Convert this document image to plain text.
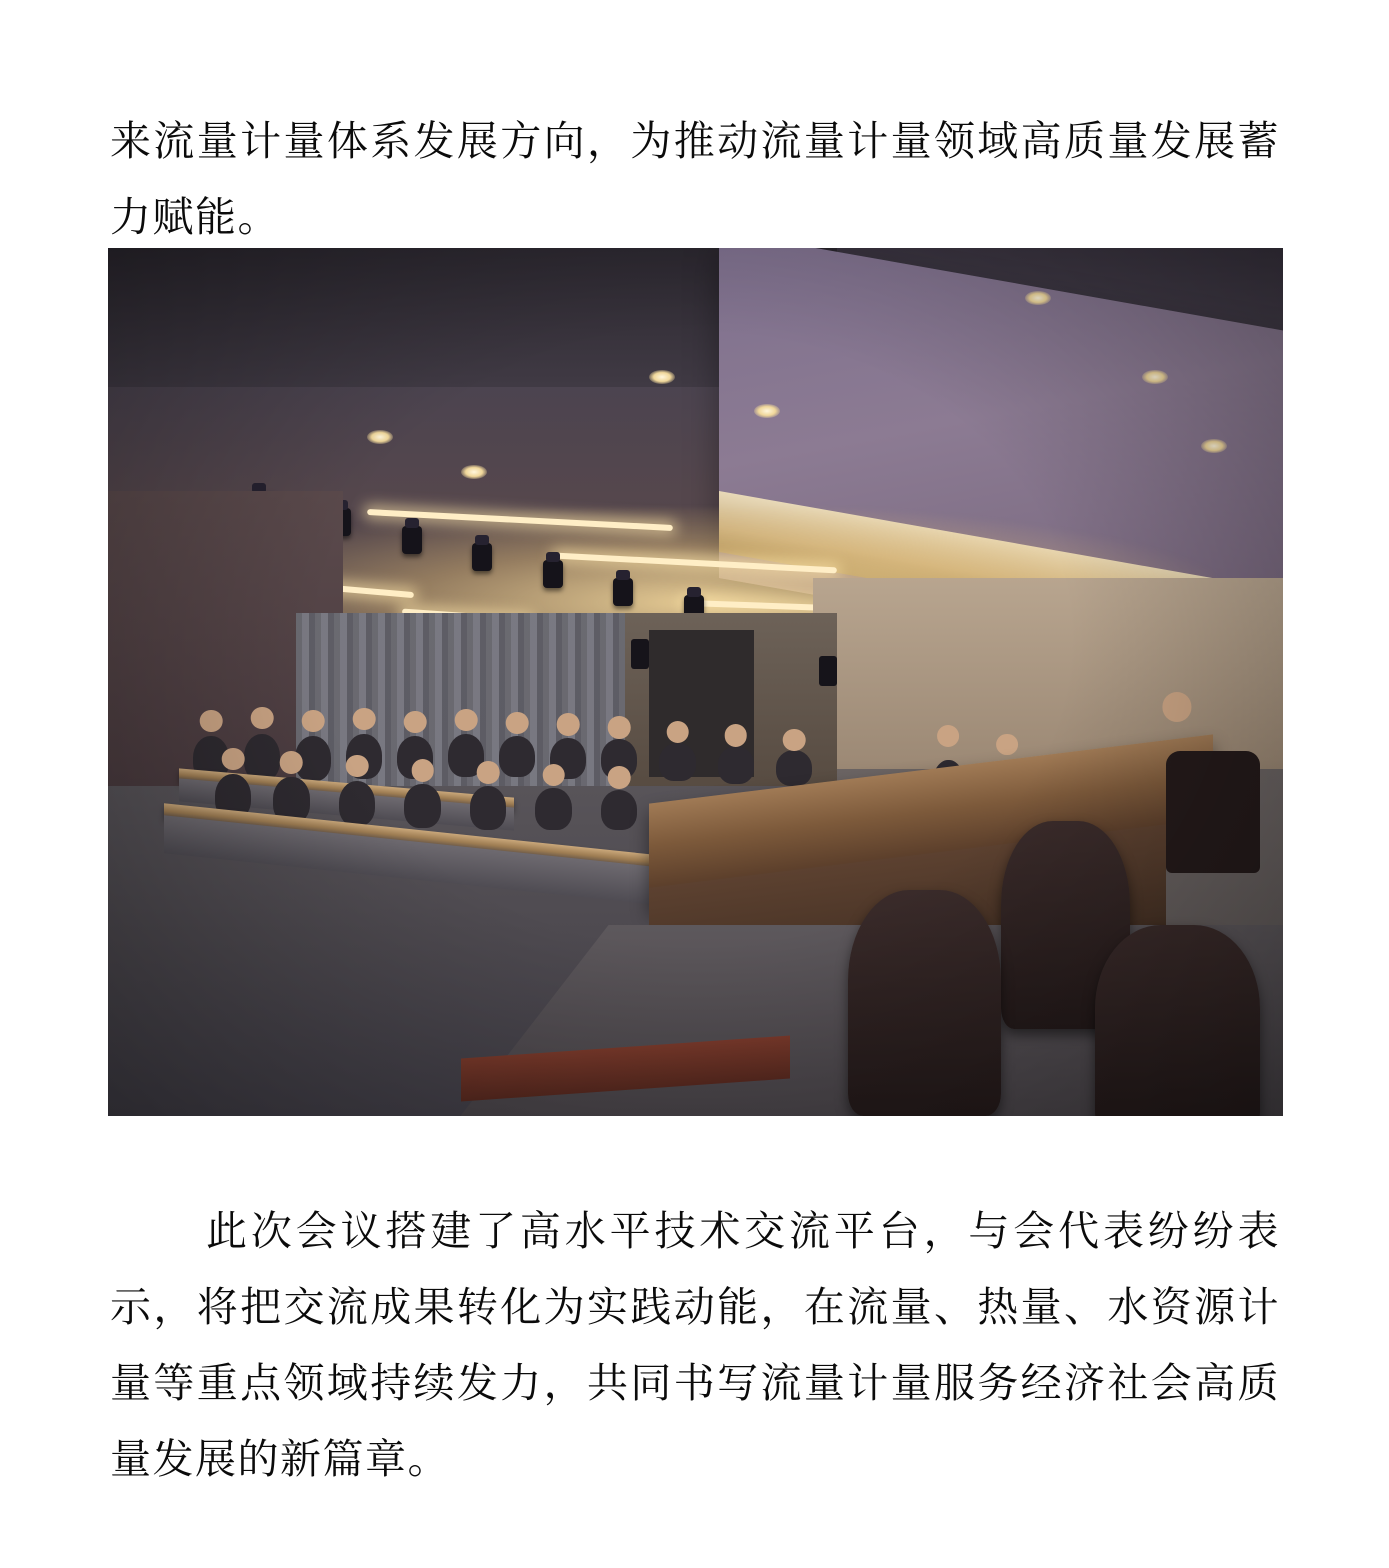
来流量计量体系发展方向，为推动流量计量领域高质量发展蓄力赋能。

此次会议搭建了高水平技术交流平台，与会代表纷纷表示，将把交流成果转化为实践动能，在流量、热量、水资源计量等重点领域持续发力，共同书写流量计量服务经济社会高质量发展的新篇章。
